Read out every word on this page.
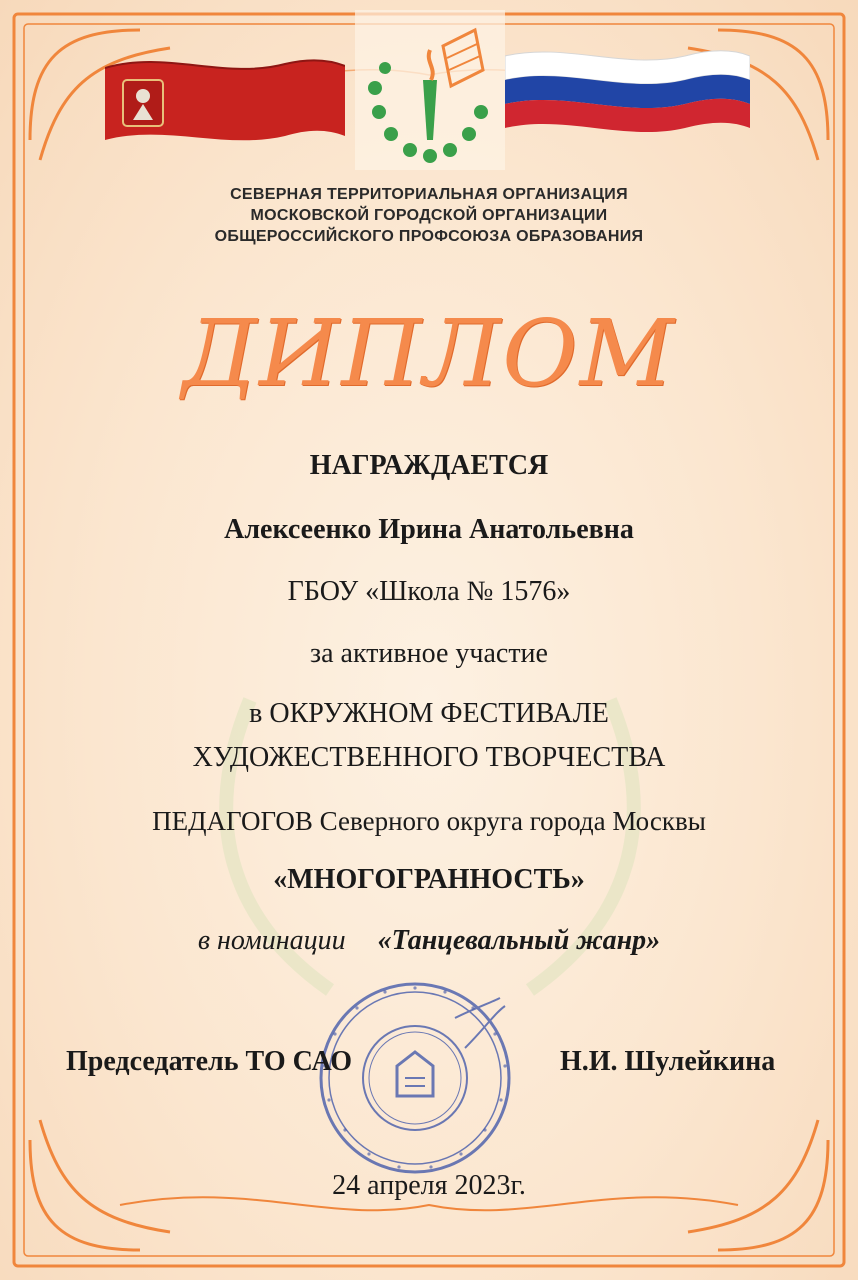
СЕВЕРНАЯ ТЕРРИТОРИАЛЬНАЯ ОРГАНИЗАЦИЯ
МОСКОВСКОЙ ГОРОДСКОЙ ОРГАНИЗАЦИИ
ОБЩЕРОССИЙСКОГО ПРОФСОЮЗА ОБРАЗОВАНИЯ
ДИПЛОМ
НАГРАЖДАЕТСЯ
Алексеенко Ирина Анатольевна
ГБОУ «Школа № 1576»
за активное участие
в ОКРУЖНОМ ФЕСТИВАЛЕ
ХУДОЖЕСТВЕННОГО ТВОРЧЕСТВА
ПЕДАГОГОВ Северного округа города Москвы
«МНОГОГРАННОСТЬ»
в номинации «Танцевальный жанр»
Председатель ТО САО	Н.И. Шулейкина
24 апреля 2023г.
